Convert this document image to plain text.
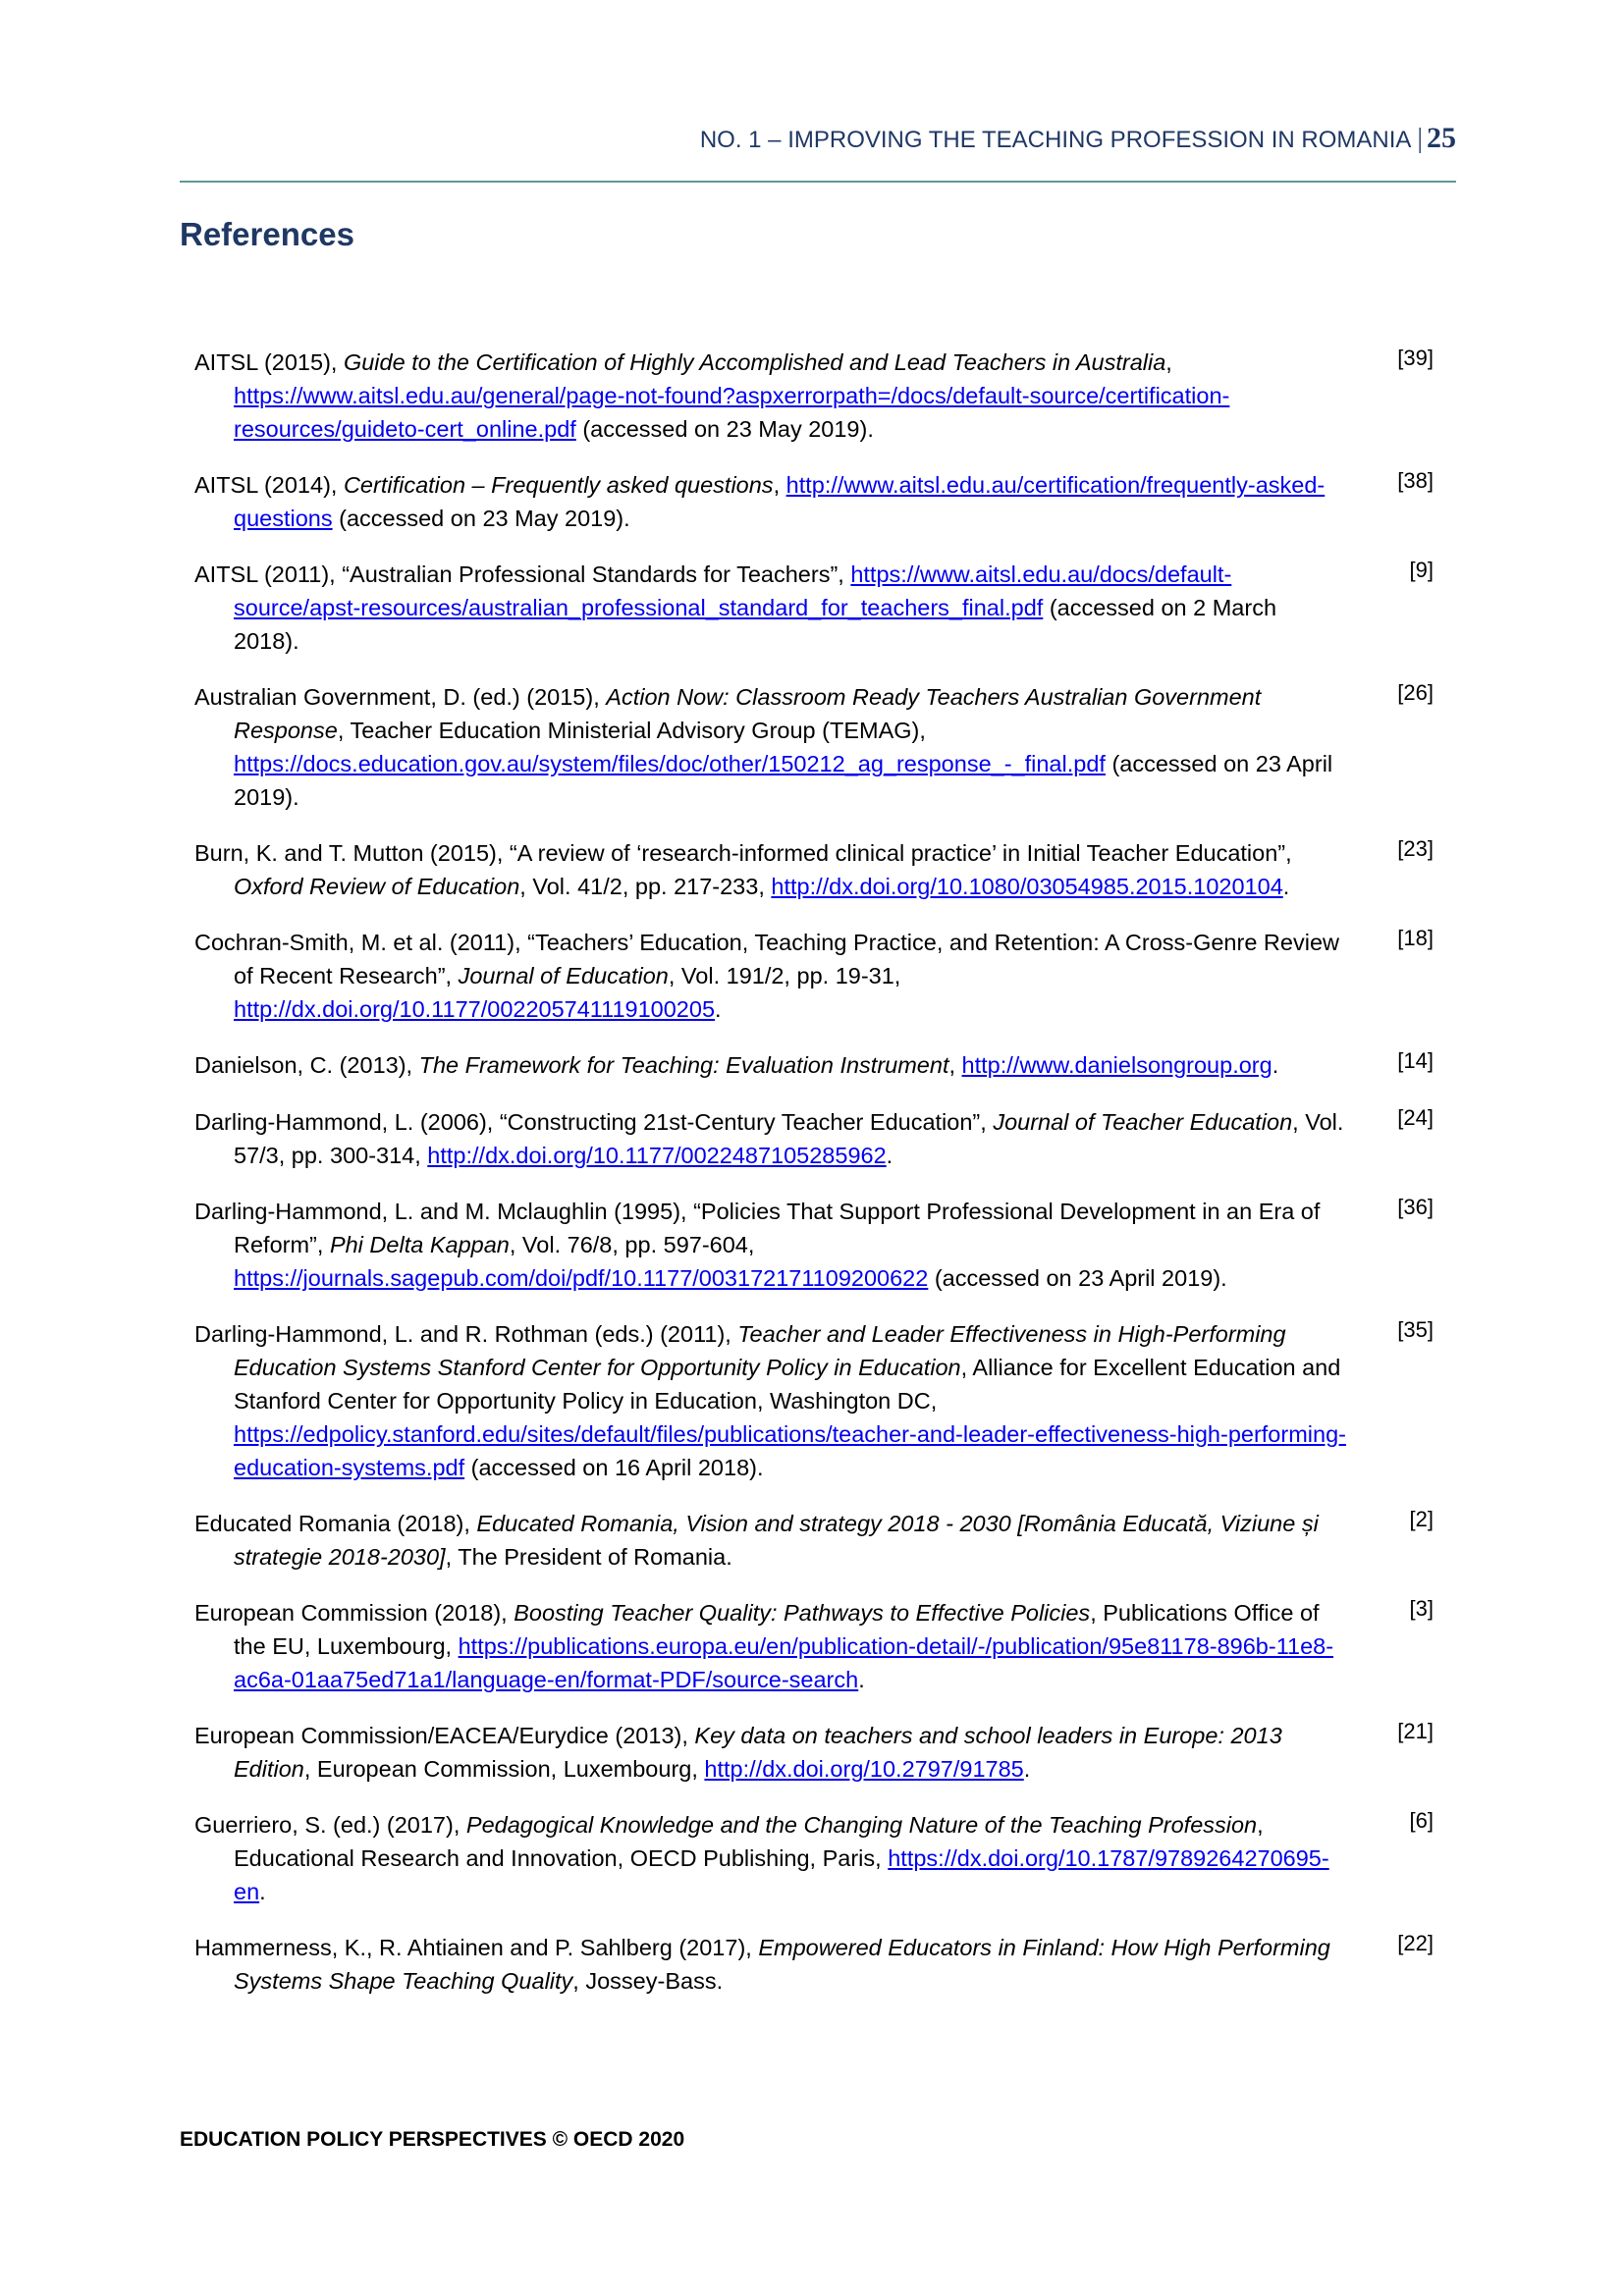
NO. 1 – IMPROVING THE TEACHING PROFESSION IN ROMANIA | 25
References
AITSL (2015), Guide to the Certification of Highly Accomplished and Lead Teachers in Australia, https://www.aitsl.edu.au/general/page-not-found?aspxerrorpath=/docs/default-source/certification-resources/guideto-cert_online.pdf (accessed on 23 May 2019).
[39]
AITSL (2014), Certification – Frequently asked questions, http://www.aitsl.edu.au/certification/frequently-asked-questions (accessed on 23 May 2019).
[38]
AITSL (2011), “Australian Professional Standards for Teachers”, https://www.aitsl.edu.au/docs/default-source/apst-resources/australian_professional_standard_for_teachers_final.pdf (accessed on 2 March 2018).
[9]
Australian Government, D. (ed.) (2015), Action Now: Classroom Ready Teachers Australian Government Response, Teacher Education Ministerial Advisory Group (TEMAG), https://docs.education.gov.au/system/files/doc/other/150212_ag_response_-_final.pdf (accessed on 23 April 2019).
[26]
Burn, K. and T. Mutton (2015), “A review of ‘research-informed clinical practice’ in Initial Teacher Education”, Oxford Review of Education, Vol. 41/2, pp. 217-233, http://dx.doi.org/10.1080/03054985.2015.1020104.
[23]
Cochran-Smith, M. et al. (2011), “Teachers’ Education, Teaching Practice, and Retention: A Cross-Genre Review of Recent Research”, Journal of Education, Vol. 191/2, pp. 19-31, http://dx.doi.org/10.1177/002205741119100205.
[18]
Danielson, C. (2013), The Framework for Teaching: Evaluation Instrument, http://www.danielsongroup.org.	[14]
Darling-Hammond, L. (2006), “Constructing 21st-Century Teacher Education”, Journal of Teacher Education, Vol. 57/3, pp. 300-314, http://dx.doi.org/10.1177/0022487105285962.
[24]
Darling-Hammond, L. and M. Mclaughlin (1995), “Policies That Support Professional Development in an Era of Reform”, Phi Delta Kappan, Vol. 76/8, pp. 597-604, https://journals.sagepub.com/doi/pdf/10.1177/003172171109200622 (accessed on 23 April 2019).
[36]
Darling-Hammond, L. and R. Rothman (eds.) (2011), Teacher and Leader Effectiveness in High-Performing Education Systems Stanford Center for Opportunity Policy in Education, Alliance for Excellent Education and Stanford Center for Opportunity Policy in Education, Washington DC, https://edpolicy.stanford.edu/sites/default/files/publications/teacher-and-leader-effectiveness-high-performing-education-systems.pdf (accessed on 16 April 2018).
[35]
Educated Romania (2018), Educated Romania, Vision and strategy 2018 - 2030 [România Educată, Viziune și strategie 2018-2030], The President of Romania.
[2]
European Commission (2018), Boosting Teacher Quality: Pathways to Effective Policies, Publications Office of the EU, Luxembourg, https://publications.europa.eu/en/publication-detail/-/publication/95e81178-896b-11e8-ac6a-01aa75ed71a1/language-en/format-PDF/source-search.
[3]
European Commission/EACEA/Eurydice (2013), Key data on teachers and school leaders in Europe: 2013 Edition, European Commission, Luxembourg, http://dx.doi.org/10.2797/91785.
[21]
Guerriero, S. (ed.) (2017), Pedagogical Knowledge and the Changing Nature of the Teaching Profession, Educational Research and Innovation, OECD Publishing, Paris, https://dx.doi.org/10.1787/9789264270695-en.
[6]
Hammerness, K., R. Ahtiainen and P. Sahlberg (2017), Empowered Educators in Finland: How High Performing Systems Shape Teaching Quality, Jossey-Bass.
[22]
EDUCATION POLICY PERSPECTIVES © OECD 2020
